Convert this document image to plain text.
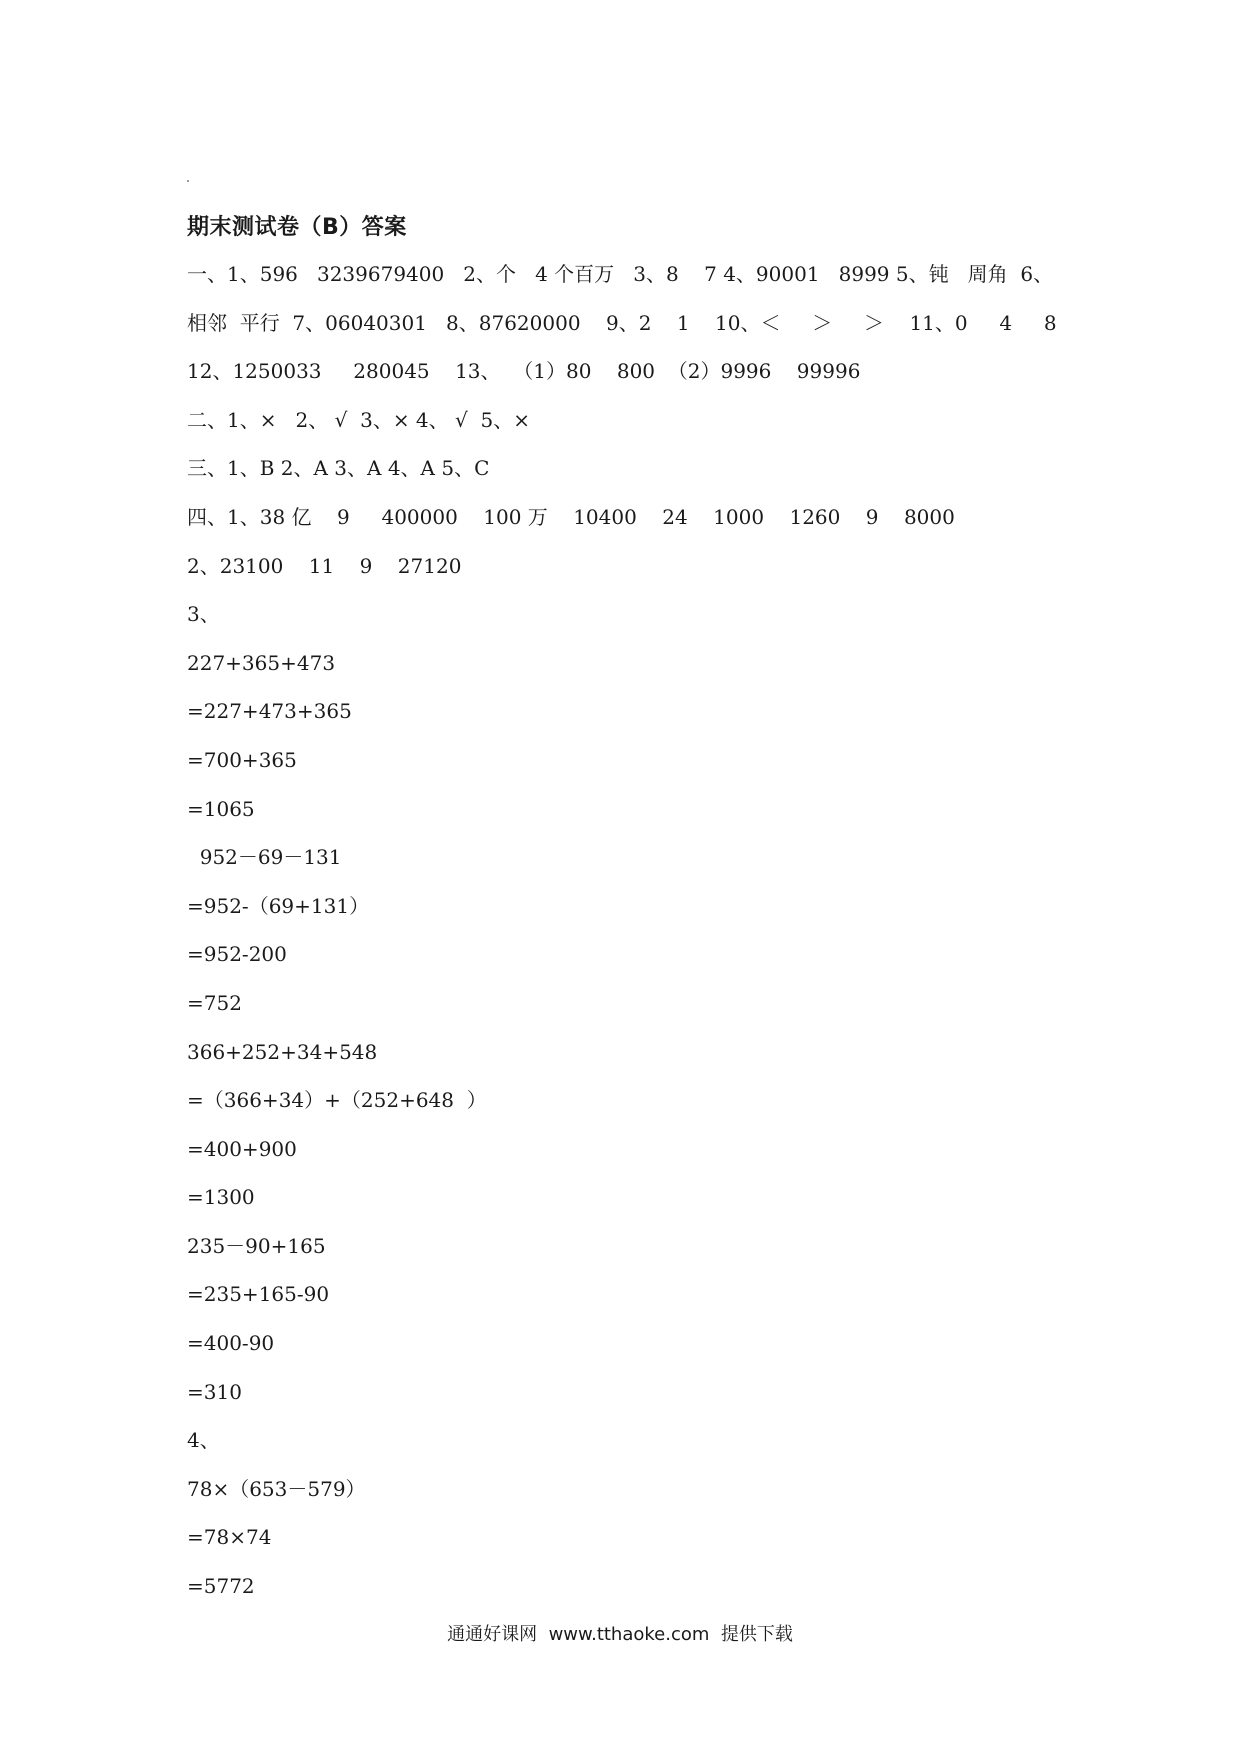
期末测试卷（B）答案
一、1、596   3239679400   2、个   4 个百万   3、8    7 4、90001   8999 5、钝   周角  6、
相邻  平行  7、06040301   8、87620000    9、2    1    10、＜     ＞     ＞    11、0     4     8
12、1250033     280045    13、  （1）80    800  （2）9996    99996
二、1、×   2、 √  3、× 4、 √  5、×
三、1、B 2、A 3、A 4、A 5、C
四、1、38 亿    9     400000    100 万    10400    24    1000    1260    9    8000
2、23100    11    9    27120
3、
227+365+473
=227+473+365
=700+365
=1065
952－69－131
=952-（69+131）
=952-200
=752
366+252+34+548
=（366+34）+（252+648  ）
=400+900
=1300
235－90+165
=235+165-90
=400-90
=310
4、
78×（653－579）
=78×74
=5772
通通好课网  www.tthaoke.com  提供下载
